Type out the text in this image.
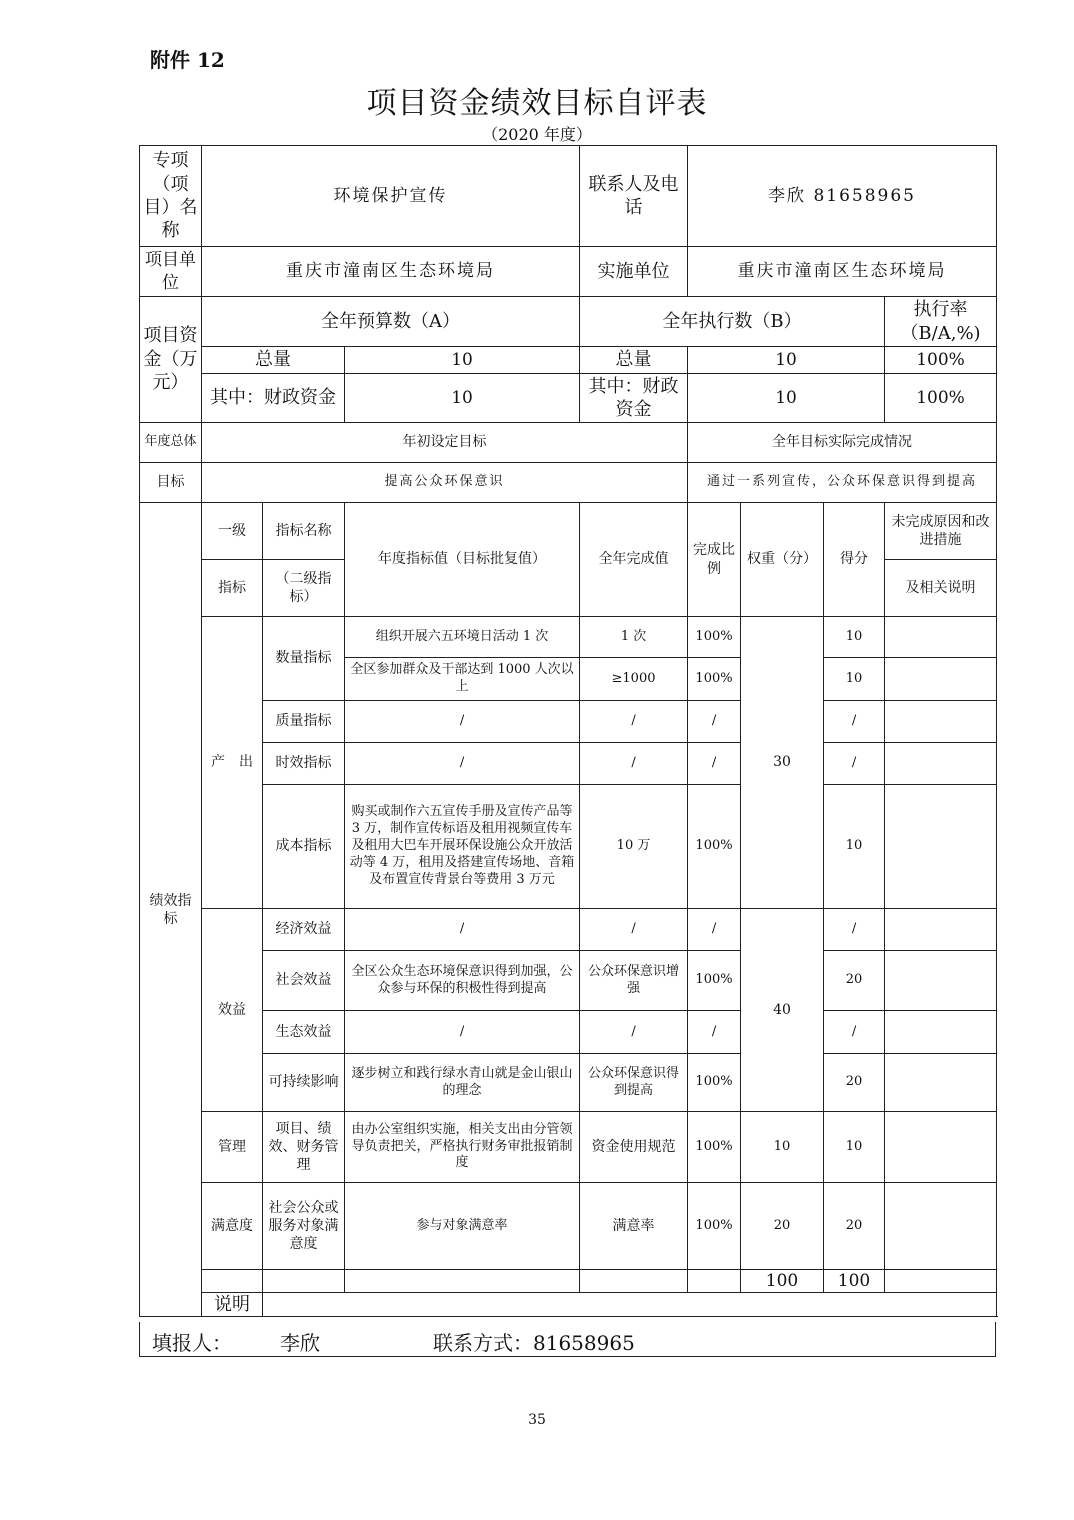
附件 12
项目资金绩效目标自评表
（2020 年度）
专项（项目）名称	环境保护宣传			联系人及电话	李欣 81658965			
项目单位	重庆市潼南区生态环境局			实施单位	重庆市潼南区生态环境局			
项目资金（万元）	全年预算数（A）			全年执行数（B）				执行率（B/A,%)
	总量		10	总量	10			100%
	其中：财政资金		10	其中：财政资金	10			100%
年度总体	年初设定目标				全年目标实际完成情况			
目标	提高公众环保意识				通过一系列宣传，公众环保意识得到提高			
绩效指标	一级	指标名称	年度指标值（目标批复值）	全年完成值	完成比例	权重（分）	得分	未完成原因和改进措施
	指标	（二级指标）						及相关说明
	产　出	数量指标	组织开展六五环境日活动 1 次	1 次	100%	30	10	
			全区参加群众及干部达到 1000 人次以上	≥1000	100%		10	
		质量指标	/	/	/		/	
		时效指标	/	/	/		/	
		成本指标	购买或制作六五宣传手册及宣传产品等 3 万，制作宣传标语及租用视频宣传车及租用大巴车开展环保设施公众开放活动等 4 万，租用及搭建宣传场地、音箱及布置宣传背景台等费用 3 万元	10 万	100%		10	
	效益	经济效益	/	/	/	40	/	
		社会效益	全区公众生态环境保意识得到加强，公众参与环保的积极性得到提高	公众环保意识增强	100%		20	
		生态效益	/	/	/		/	
		可持续影响	逐步树立和践行绿水青山就是金山银山的理念	公众环保意识得到提高	100%		20	
	管理	项目、绩效、财务管理	由办公室组织实施，相关支出由分管领导负责把关，严格执行财务审批报销制度	资金使用规范	100%	10	10	
	满意度	社会公众或服务对象满意度	参与对象满意率	满意率	100%	20	20	
						100	100	
	说明							
填报人： 李欣	联系方式：81658965
35
